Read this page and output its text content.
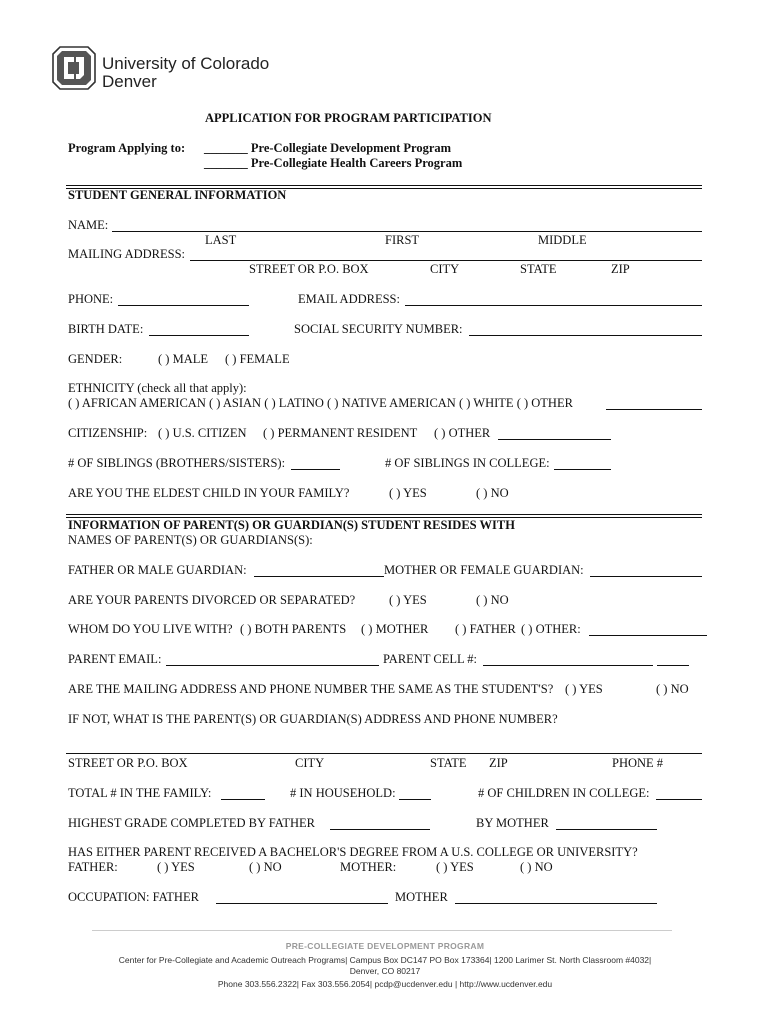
University of Colorado
Denver
APPLICATION FOR PROGRAM PARTICIPATION
Program Applying to: _______ Pre-Collegiate Development Program
_______ Pre-Collegiate Health Careers Program
STUDENT GENERAL INFORMATION
NAME:
LAST	FIRST	MIDDLE
MAILING ADDRESS:
STREET OR P.O. BOX	CITY	STATE	ZIP
PHONE:	EMAIL ADDRESS:
BIRTH DATE:	SOCIAL SECURITY NUMBER:
GENDER:	( ) MALE ( ) FEMALE
ETHNICITY (check all that apply):
( ) AFRICAN AMERICAN ( ) ASIAN ( ) LATINO ( ) NATIVE AMERICAN ( ) WHITE ( ) OTHER
CITIZENSHIP: ( ) U.S. CITIZEN ( ) PERMANENT RESIDENT ( ) OTHER
# OF SIBLINGS (BROTHERS/SISTERS):	# OF SIBLINGS IN COLLEGE:
ARE YOU THE ELDEST CHILD IN YOUR FAMILY?	( ) YES	( ) NO
INFORMATION OF PARENT(S) OR GUARDIAN(S) STUDENT RESIDES WITH
NAMES OF PARENT(S) OR GUARDIANS(S):
FATHER OR MALE GUARDIAN:	MOTHER OR FEMALE GUARDIAN:
ARE YOUR PARENTS DIVORCED OR SEPARATED?	( ) YES	( ) NO
WHOM DO YOU LIVE WITH? ( ) BOTH PARENTS ( ) MOTHER ( ) FATHER ( ) OTHER:
PARENT EMAIL:	PARENT CELL #:
ARE THE MAILING ADDRESS AND PHONE NUMBER THE SAME AS THE STUDENT'S? ( ) YES	( ) NO
IF NOT, WHAT IS THE PARENT(S) OR GUARDIAN(S) ADDRESS AND PHONE NUMBER?
STREET OR P.O. BOX	CITY	STATE ZIP	PHONE #
TOTAL # IN THE FAMILY:	# IN HOUSEHOLD:	# OF CHILDREN IN COLLEGE:
HIGHEST GRADE COMPLETED BY FATHER	BY MOTHER
HAS EITHER PARENT RECEIVED A BACHELOR'S DEGREE FROM A U.S. COLLEGE OR UNIVERSITY?
FATHER:	( ) YES	( ) NO	MOTHER:	( ) YES	( ) NO
OCCUPATION: FATHER	MOTHER
PRE-COLLEGIATE DEVELOPMENT PROGRAM
Center for Pre-Collegiate and Academic Outreach Programs| Campus Box DC147 PO Box 173364| 1200 Larimer St. North Classroom #4032|
Denver, CO 80217
Phone 303.556.2322| Fax 303.556.2054| pcdp@ucdenver.edu | http://www.ucdenver.edu
